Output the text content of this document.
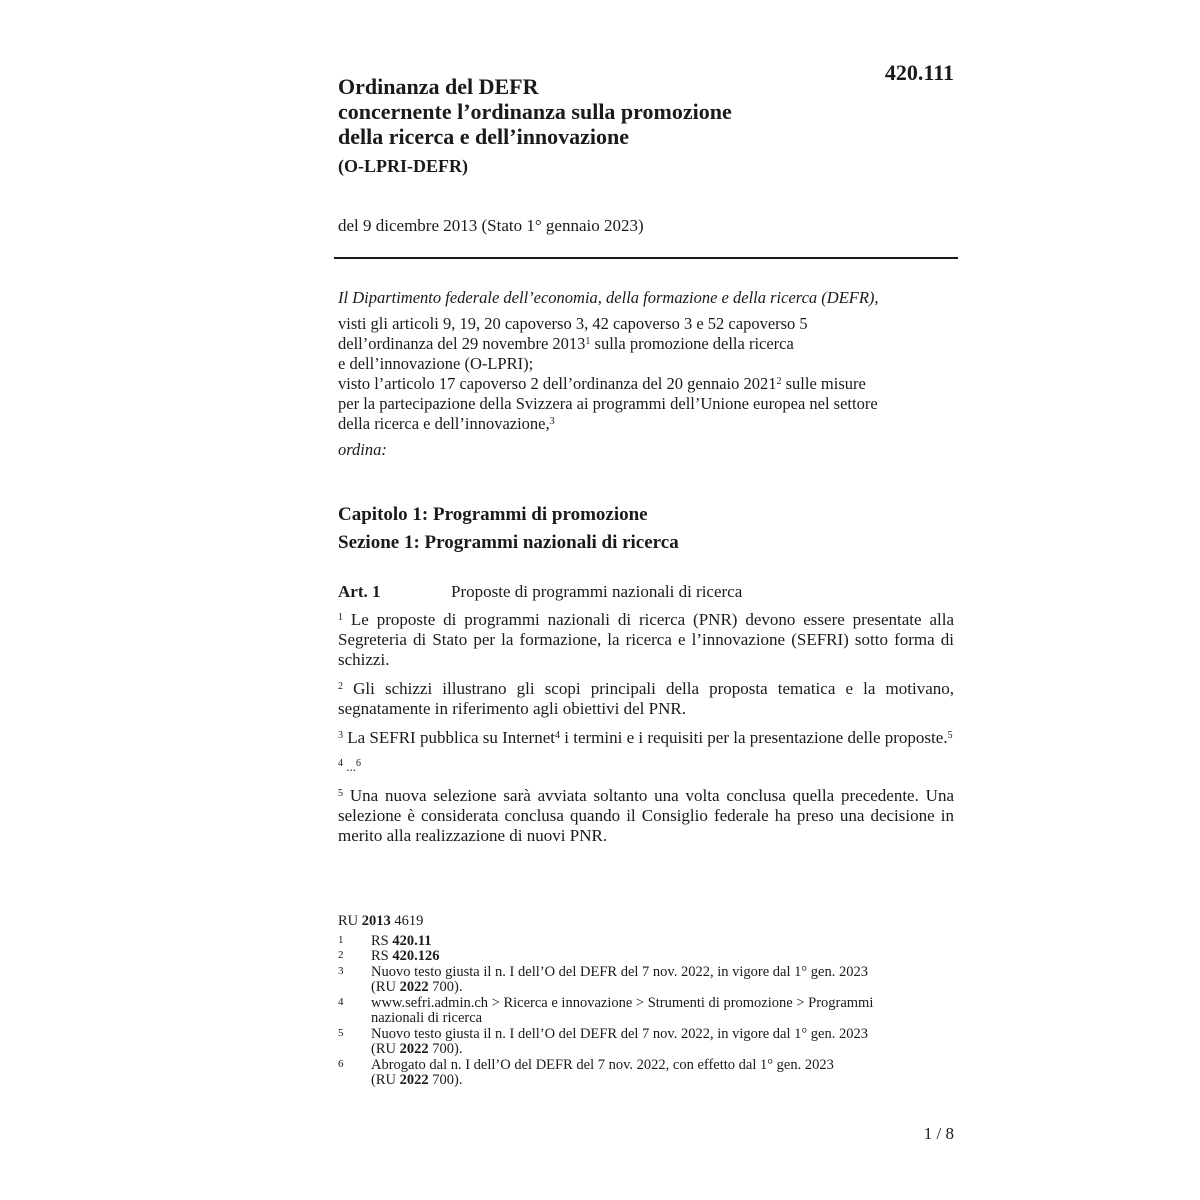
420.111
Ordinanza del DEFR
concernente l’ordinanza sulla promozione
della ricerca e dell’innovazione
(O-LPRI-DEFR)
del 9 dicembre 2013 (Stato 1° gennaio 2023)
Il Dipartimento federale dell’economia, della formazione e della ricerca (DEFR),
visti gli articoli 9, 19, 20 capoverso 3, 42 capoverso 3 e 52 capoverso 5
dell’ordinanza del 29 novembre 2013$^1$ sulla promozione della ricerca
e dell’innovazione (O-LPRI);
visto l’articolo 17 capoverso 2 dell’ordinanza del 20 gennaio 2021$^2$ sulle misure
per la partecipazione della Svizzera ai programmi dell’Unione europea nel settore
della ricerca e dell’innovazione,$^3$
ordina:
Capitolo 1: Programmi di promozione
Sezione 1: Programmi nazionali di ricerca
Art. 1	Proposte di programmi nazionali di ricerca

$^1$ Le proposte di programmi nazionali di ricerca (PNR) devono essere presentate alla Segreteria di Stato per la formazione, la ricerca e l’innovazione (SEFRI) sotto forma di schizzi.

$^2$ Gli schizzi illustrano gli scopi principali della proposta tematica e la motivano, segnatamente in riferimento agli obiettivi del PNR.

$^3$ La SEFRI pubblica su Internet$^4$ i termini e i requisiti per la presentazione delle proposte.$^5$

$^4$ ...$^6$

$^5$ Una nuova selezione sarà avviata soltanto una volta conclusa quella precedente. Una selezione è considerata conclusa quando il Consiglio federale ha preso una decisione in merito alla realizzazione di nuovi PNR.

RU 2013 4619
1	RS 420.11
2	RS 420.126
3	Nuovo testo giusta il n. I dell’O del DEFR del 7 nov. 2022, in vigore dal 1° gen. 2023
(RU 2022 700).
4	www.sefri.admin.ch > Ricerca e innovazione > Strumenti di promozione > Programmi
nazionali di ricerca
5	Nuovo testo giusta il n. I dell’O del DEFR del 7 nov. 2022, in vigore dal 1° gen. 2023
(RU 2022 700).
6	Abrogato dal n. I dell’O del DEFR del 7 nov. 2022, con effetto dal 1° gen. 2023
(RU 2022 700).
1 / 8
